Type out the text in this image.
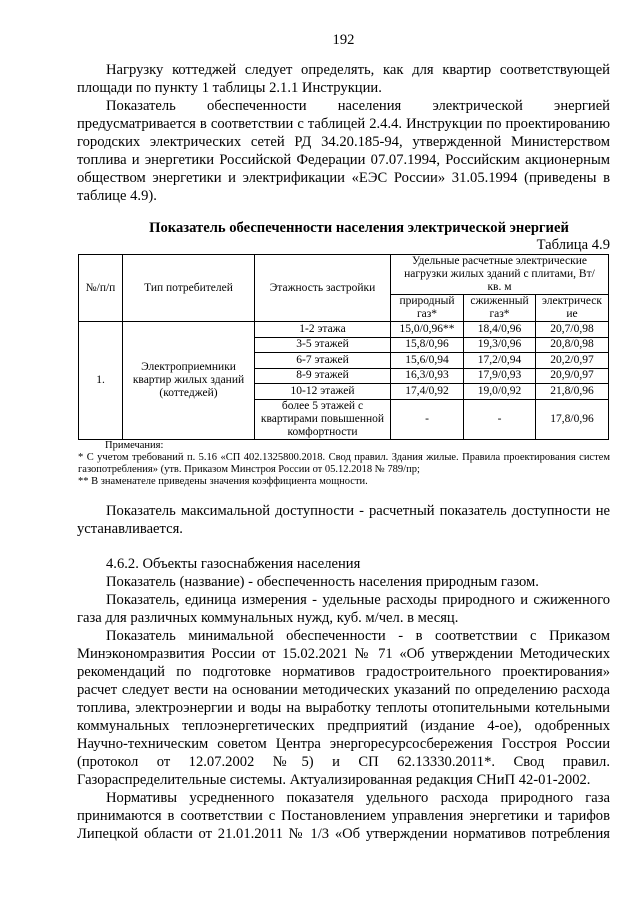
192

Нагрузку коттеджей следует определять, как для квартир соответствующей площади по пункту 1 таблицы 2.1.1 Инструкции.

Показатель обеспеченности населения электрической энергией предусматривается в соответствии с таблицей 2.4.4. Инструкции по проектированию городских электрических сетей РД 34.20.185-94, утвержденной Министерством топлива и энергетики Российской Федерации 07.07.1994, Российским акционерным обществом энергетики и электрификации «ЕЭС России» 31.05.1994 (приведены в таблице 4.9).

Показатель обеспеченности населения электрической энергией
Таблица 4.9
№/п/п	Тип потребителей	Этажность застройки	Удельные расчетные электрические нагрузки жилых зданий с плитами, Вт/кв. м		
			природный газ*	сжиженный газ*	электрические
1.	Электроприемники квартир жилых зданий (коттеджей)	1-2 этажа	15,0/0,96**	18,4/0,96	20,7/0,98
		3-5 этажей	15,8/0,96	19,3/0,96	20,8/0,98
		6-7 этажей	15,6/0,94	17,2/0,94	20,2/0,97
		8-9 этажей	16,3/0,93	17,9/0,93	20,9/0,97
		10-12 этажей	17,4/0,92	19,0/0,92	21,8/0,96
		более 5 этажей с квартирами повышенной комфортности	-	-	17,8/0,96
Примечания:
* С учетом требований п. 5.16 «СП 402.1325800.2018. Свод правил. Здания жилые. Правила проектирования систем газопотребления» (утв. Приказом Минстроя России от 05.12.2018 № 789/пр;
** В знаменателе приведены значения коэффициента мощности.

Показатель максимальной доступности - расчетный показатель доступности не устанавливается.

4.6.2. Объекты газоснабжения населения

Показатель (название) - обеспеченность населения природным газом.

Показатель, единица измерения - удельные расходы природного и сжиженного газа для различных коммунальных нужд, куб. м/чел. в месяц.

Показатель минимальной обеспеченности - в соответствии с Приказом Минэкономразвития России от 15.02.2021 № 71 «Об утверждении Методических рекомендаций по подготовке нормативов градостроительного проектирования» расчет следует вести на основании методических указаний по определению расхода топлива, электроэнергии и воды на выработку теплоты отопительными котельными коммунальных теплоэнергетических предприятий (издание 4-ое), одобренных Научно-техническим советом Центра энергоресурсосбережения Госстроя России (протокол от 12.07.2002 №5) и СП 62.13330.2011*. Свод правил. Газораспределительные системы. Актуализированная редакция СНиП 42-01-2002.

Нормативы усредненного показателя удельного расхода природного газа принимаются в соответствии с Постановлением управления энергетики и тарифов Липецкой области от 21.01.2011 № 1/3 «Об утверждении нормативов потребления
